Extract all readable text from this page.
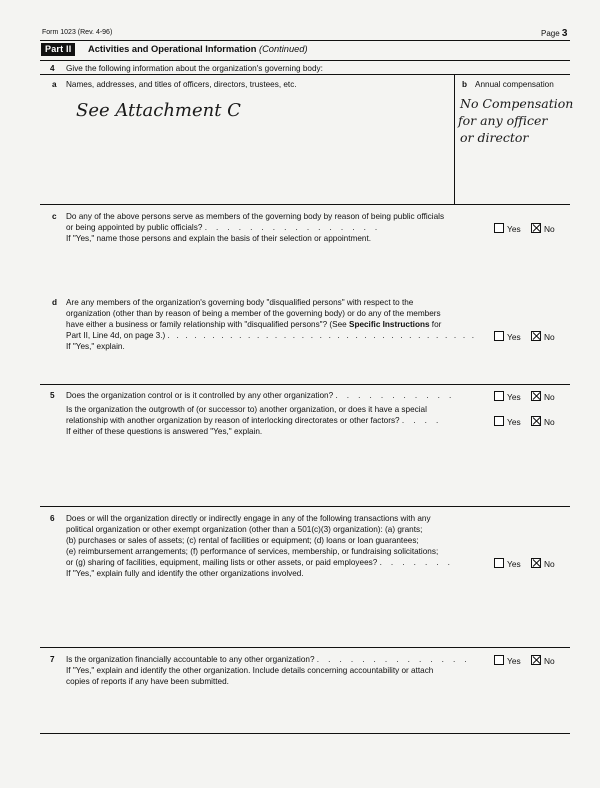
Form 1023 (Rev. 4-96)	Page 3
Part II	Activities and Operational Information (Continued)
4 Give the following information about the organization's governing body:
a Names, addresses, and titles of officers, directors, trustees, etc.	b Annual compensation
See Attachment C	No Compensation
for any officer
or director
c Do any of the above persons serve as members of the governing body by reason of being public officials
or being appointed by public officials? . . . . . . . . . . . . . . . .
If "Yes," name those persons and explain the basis of their selection or appointment.
Yes	No
d Are any members of the organization's governing body "disqualified persons" with respect to the
organization (other than by reason of being a member of the governing body) or do any of the members
have either a business or family relationship with "disqualified persons"? (See Specific Instructions for
Part II, Line 4d, on page 3.) . . . . . . . . . . . . . . . . . . . . . . . . . . . . . . . . . . .
If "Yes," explain.
Yes	No
5 Does the organization control or is it controlled by any other organization? . . . . . . . . . . .	Yes	No
Is the organization the outgrowth of (or successor to) another organization, or does it have a special
relationship with another organization by reason of interlocking directorates or other factors? . . . .	Yes	No
If either of these questions is answered "Yes," explain.
6 Does or will the organization directly or indirectly engage in any of the following transactions with any
political organization or other exempt organization (other than a 501(c)(3) organization): (a) grants;
(b) purchases or sales of assets; (c) rental of facilities or equipment; (d) loans or loan guarantees;
(e) reimbursement arrangements; (f) performance of services, membership, or fundraising solicitations;
or (g) sharing of facilities, equipment, mailing lists or other assets, or paid employees? . . . . . . .	Yes	No
If "Yes," explain fully and identify the other organizations involved.
7 Is the organization financially accountable to any other organization? . . . . . . . . . . . . . .	Yes	No
If "Yes," explain and identify the other organization. Include details concerning accountability or attach
copies of reports if any have been submitted.
